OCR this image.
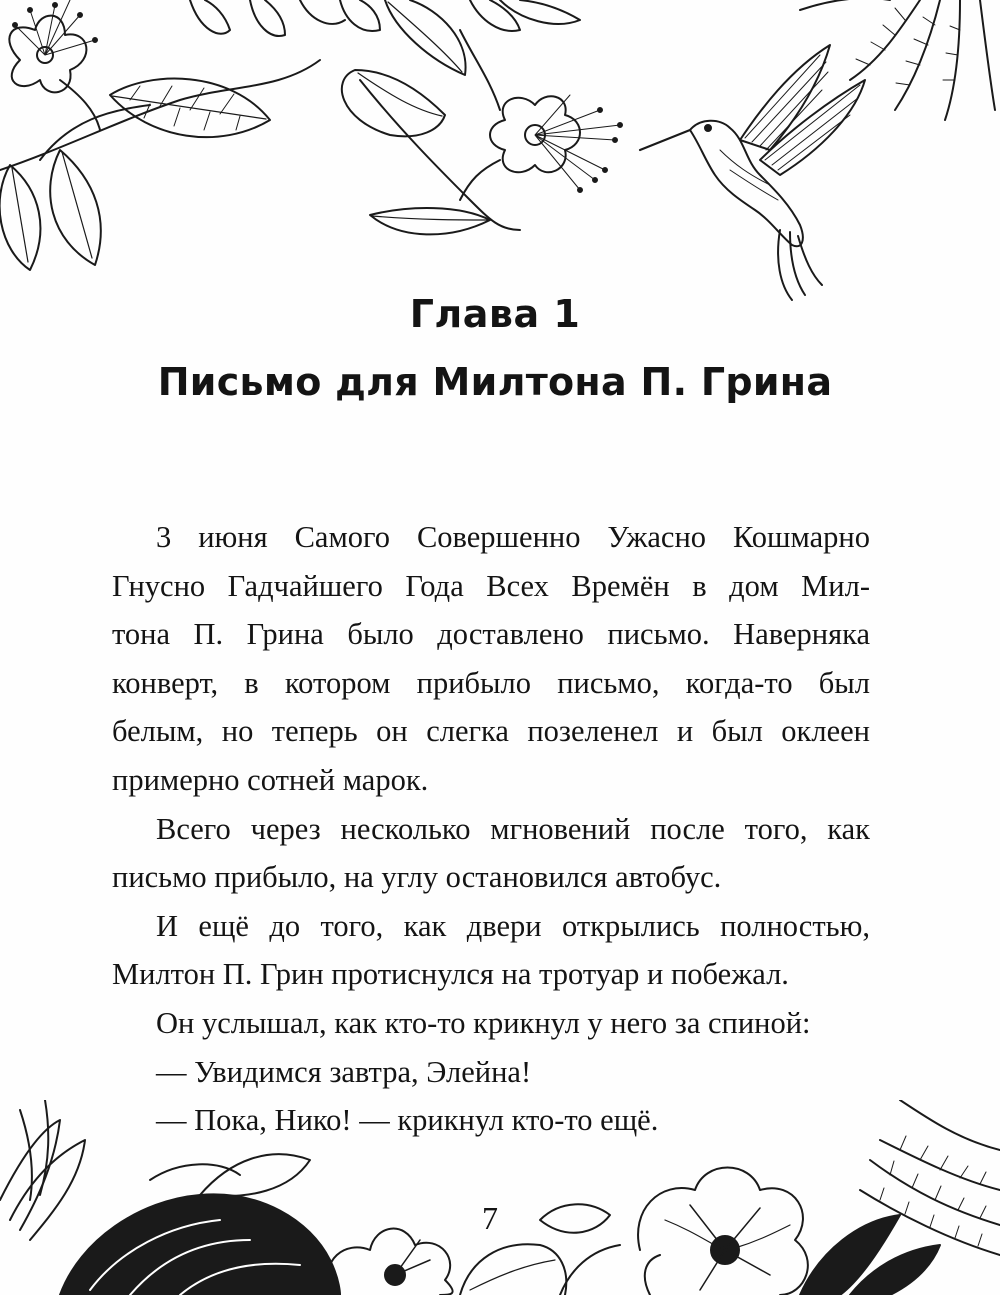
Глава 1
Письмо для Милтона П. Грина
3 июня Самого Совершенно Ужасно Кошмарно
Гнусно Гадчайшего Года Всех Времён в дом Мил-
тона П. Грина было доставлено письмо. Наверняка
конверт, в котором прибыло письмо, когда-то был
белым, но теперь он слегка позеленел и был оклеен
примерно сотней марок.
Всего через несколько мгновений после того, как
письмо прибыло, на углу остановился автобус.
И ещё до того, как двери открылись полностью,
Милтон П. Грин протиснулся на тротуар и побежал.
Он услышал, как кто-то крикнул у него за спиной:
— Увидимся завтра, Элейна!
— Пока, Нико! — крикнул кто-то ещё.
7
